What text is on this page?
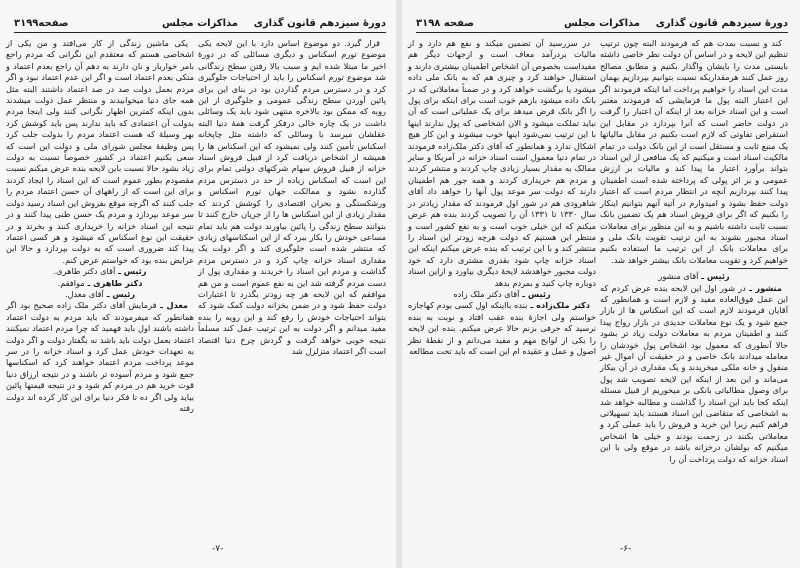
دورهٔ سیزدهم قانون گذاری
مذاکرات مجلس
صفحه۳۱۹۹

قرار گیرد. دو موضوع اساس دارد با این لایحه یکی موضوع تورم اسکناس و دیگری مسائلی که در دورهٔ اخیر ما مبتلا شده ایم و سبب بالا رفتن سطح زندگانی شد موضوع تورم اسکناس را باید از احتیاجات جلوگیری کرد و در دسترس مردم گذاردن بود در بنای این برای پائین آوردن سطح زندگی عمومی و جلوگیری از این رویه که ممکن بود بالاخره منتهی شود باید یک وسائلی داشت در یک چاره خالی درفکر گرفت همهٔ دنیا البته عقلشان میرسد با وسائلی که داشته مثل چاپخانه اسکناس تأمین کنند ولی نمیشود که این اسکناس ها را همیشه از اشخاص دریافت کرد از قبیل فروش اسناد خزانه از قبیل فروش سهام شرکتهای دولتی تمام برای این است که اسکناس زیاده از حد در دسترس مردم گذارده نشود و ممالکت جهان تورم اسکناس و ورشکستگی و بحران اقتصادی را کوشش کردند که مقدار زیادی از این اسکناس ها را از جریان خارج کنند تا بتوانند سطح زندگی را پائین بیاورند دولت هم باید تمام مساعی خودش را بکار ببرد که از این اسکناسهای زیادی که منتشر شده است جلوگیری کند و اگر دولت یک مقداری اسناد خزانه چاپ کرد و در دسترس مردم گذاشت و مردم این اسناد را خریدند و مقداری پول از دست مردم گرفته شد این به نفع عموم است و من هم موافقم که این لایحه هر چه زودتر بگذرد تا اعتبارات دولت حفظ شود و در ضمن بخزانه دولت کمک شود که بتواند احتیاجات خودش را رفع کند و این رویه را بنده مفید میدانم و اگر دولت به این ترتیب عمل کند مسلماً نتیجه خوبی خواهد گرفت و گردش چرخ دنیا اقتصاد است اگر اعتماد متزلزل شد

یکی ماشین زندگی از کار می‌افتد و من یکی از اشخاصی هستم که معتقدم این نگرانی که مردم راجع بامر خواربار و نان دارند به دهم آن راجع بعدم اعتماد و متکی بعدم اعتماد است و اگر این عدم اعتماد نبود و اگر مردم بعمل دولت صد در صد اعتماد داشتند البته مثل همه جای دنیا میخوابیدند و منتظر عمل دولت میشدند بدون اینکه کمترین اظهار نگرانی کنند ولی اینجا مردم بدولت آن اعتمادی که باید ندارند پس باید کوشش کرد بهر وسیلهٔ که هست اعتماد مردم را بدولت جلب کرد پس وظیفهٔ مجلس شورای ملی و دولت این است که سعی بکنیم اعتماد در کشور خصوصاً نسبت به دولت زیاد بشود حالا نسبت باین لایحه بنده عرض میکنم نسبت مقصودم بطور عموم است که این اسناد را ایجاد کردند برای این است که از راههای آن حسن اعتماد مردم را جلب کنند که اگرچه موقع بفروش این اسناد رسید دولت سر موعد بپردازد و مردم یک حسن ظنی پیدا کنند و در نتیجه این اسناد خزانه را خریداری کنند و بخرند و در حقیقت این نوع اسکناس که میشود و هر کسی اعتماد پیدا کند ضروری است که به دولت بپردازد و حالا این عرایض بنده بود که خواستم عرض کنم.

رئیس ـ آقای دکتر طاهری.

دکتر طاهری ـ موافقم.

رئیس ـ آقای معدل.

معدل ـ فرمایش آقای دکتر ملک زاده صحیح بود اگر همانطور که میفرمودند که باید مردم به دولت اعتماد داشته باشند اول باید فهمید که چرا مردم اعتماد نمیکنند اعتماد بعمل دولت باید باشد نه بگفتار دولت و اگر دولت به تعهدات خودش عمل کرد و اسناد خزانه را در سر موعد پرداخت مردم اعتماد خواهند کرد که اسکناسها جمع شود و مردم آسوده تر باشند و در نتیجه ارزاق دنیا قوت خرید هم در مردم کم شود و در نتیجه قیمتها پائین بیاید ولی اگر ده تا فکر دنیا برای این کار کرده اند دولت رفته

-۷-
دورهٔ سیزدهم قانون گذاری
مذاکرات مجلس
صفحه ۳۱۹۸

کند و نسبت بمدت هم که فرمودند البته چون ترتیب تنظیم این لایحه و در اساس آن دولت نظر خاصی داشته بایستی مدت را بایشان واگذار بکنیم و مطابق مصالح روز عمل کنند هرمقداریکه نسبت بتوانیم بپردازیم بهمان مدت این اسناد را خواهیم پرداخت اما اینکه فرمودند اگر این اعتبار البته پول ما فرمایشی که فرمودند معتبر است و این اسناد خزانه بعد از اینکه آن اعتبار را گرفت در دولت حاضر است که آنرا بپردازد در مقابل این استقراض تفاوتی که لازم است بکنیم در مقابل مالیاتها یک منبع ثابت و مستقل است از این بانک دولت در تمام مالکیت اسناد است و میکنیم که یک منافعی از این اسناد بتواند برآورد اعتبار ما پیدا کند و مالیات بر ارزش عمومی و بر اثر پولی که پرداخته شده است اطمینان پیدا کنند بپردازیم آنچه در انتظار مردم است که اعتبار دولت حفظ بشود و امیدوارم در آتیه آنهم بتوانیم اینکار را بکنیم که اگر برای فروش اسناد هم یک تضمین بانک نسبت ثابت داشته باشیم و به این منظور برای معاملات اسناد مجبور بشوند به این ترتیب تقویت بانک ملی و برای معاملات بانک از این ترتیب ما استفاده بکنیم خواهیم کرد و تقویت معاملات بانک بیشتر خواهد شد.

رئیس ـ آقای منشور

منشور ـ در شور اول این لایحه بنده عرض کردم که این عمل فوق‌العاده مفید و لازم است و همانطور که آقایان فرمودند لازم است که این اسکناس ها از بازار جمع شود و یک نوع معاملات جدیدی در بازار رواج پیدا کنند و اطمینان مردم به معاملات دولت زیاد تر بشود حالا آنطوری که معمول بود اشخاص پول خودشان را معامله میدادند بانک خاصی و در حقیقت آن اموال غیر منقول و خانه ملکی میخریدند و یک مقداری در آن بیکار می‌ماند و این بعد از اینکه این لایحه تصویب شد پول برای وصول مطالباتی بانکی بر میخوریم از قبیل مسئله اینکه کجا باید این اسناد را گذاشت و مطالبه خواهد شد به اشخاصی که متقاضی این اسناد هستند باید تسهیلاتی فراهم کنیم زیرا این خرید و فروش را باید عملی کرد و معاملاتی بکنند در زحمت بودند و خیلی ها اشخاص میکنیم که بولشان درخزانه باشد در موقع ولی با این اسناد خزانه که دولت پرداخت آن را

در سررسید آن تضمین میکند و نفع هم دارد و از مالیات بردرآمد معاف است و ازجهات دیگر هم مفیداست بخصوص آن اشخاص اطمینان بیشتری دارند و استقبال خواهند کرد و چیزی هم که به بانک ملی داده میشود یا برگشت خواهد کرد و در ضمناً معاملاتی که در بانک داده میشود بازهم خوب است برای اینکه برای پول را اگر بانک قرض میدهد برای یک عملیاتی است که آن نباید تملکت میشود و الان اشخاصی که پول ندارند اینها با این ترتیب نمی‌شود اینها خوب میشوند و این کار هیچ اشکال ندارد و همانطور که آقای دکتر ملک‌زاده فرمودند در تمام دنیا معمول است اسناد خزانه در آمریکا و سایر ممالک به مقدار بسیار زیادی چاپ کردند و منتشر کردند و مردم هم خریداری کردند و همه جور هم اطمینان دارند که دولت سر موعد پول آنها را خواهد داد آقای شاهرودی هم در شور اول فرمودند که مقدار زیادتر در سال ۱۳۳۰ تا ۱۳۳۱ آن را تصویب کردند بنده هم عرض میکنم که این خیلی خوب است و به نفع کشور است و منتظر این هستیم که دولت هرچه زودتر این اسناد را منتشر کند و با این ترتیب که بنده عرض میکنم اینکه این اسناد خزانه چاپ شود بقدری مشتری دارد که خود دولت مجبور خواهدشد لایحهٔ دیگری بیاورد و ازاین اسناد دوباره چاپ کنید و بمردم بدهد

رئیس ـ آقای دکتر ملک زاده

دکتر ملک‌زاده ـ بنده بااینکه اول کسی بودم کهاجازه خواستم ولی اجازهٔ بنده عقب افتاد و نوبت به بنده نرسید که حرفی بزنم حالا عرض میکنم. بنده این لایحه را یکی از لوایح مهم و مفید می‌دانم و از نقطهٔ نظر اصول و عمل و عقیده ام این است که باید تحت مطالعه

-۶-
